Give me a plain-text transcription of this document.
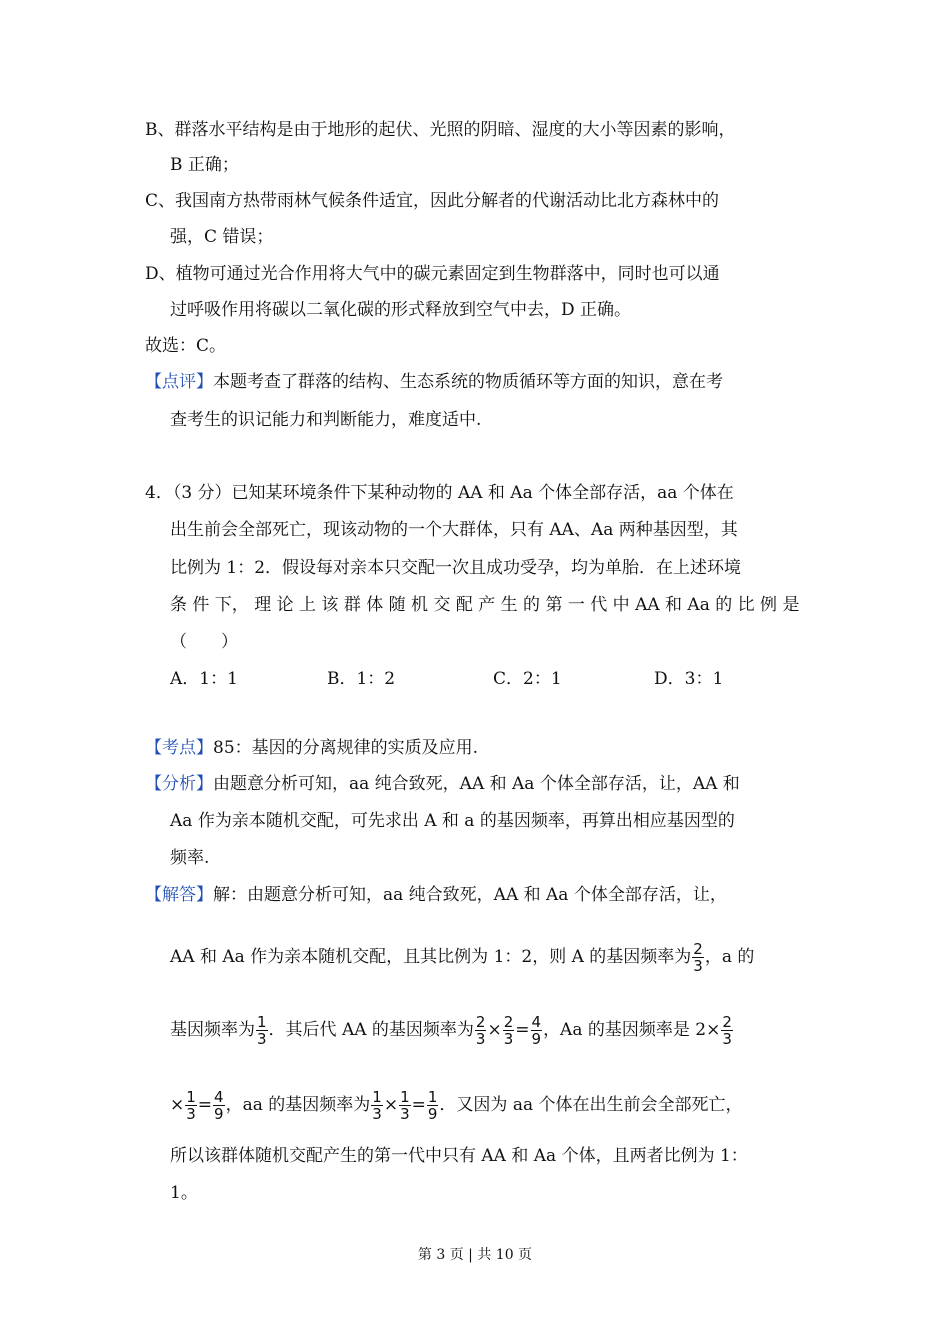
B、群落水平结构是由于地形的起伏、光照的阴暗、湿度的大小等因素的影响，
B 正确；
C、我国南方热带雨林气候条件适宜，因此分解者的代谢活动比北方森林中的
强，C 错误；
D、植物可通过光合作用将大气中的碳元素固定到生物群落中，同时也可以通
过呼吸作用将碳以二氧化碳的形式释放到空气中去，D 正确。
故选：C。
【点评】本题考查了群落的结构、生态系统的物质循环等方面的知识，意在考
查考生的识记能力和判断能力，难度适中.
4．（3 分）已知某环境条件下某种动物的 AA 和 Aa 个体全部存活，aa 个体在
出生前会全部死亡，现该动物的一个大群体，只有 AA、Aa 两种基因型，其
比例为 1：2．假设每对亲本只交配一次且成功受孕，均为单胎．在上述环境
条 件 下， 理 论 上 该 群 体 随 机 交 配 产 生 的 第 一 代 中 AA 和 Aa 的 比 例 是
（　　）
A．1：1	B．1：2	C．2：1	D．3：1
【考点】85：基因的分离规律的实质及应用.
【分析】由题意分析可知，aa 纯合致死，AA 和 Aa 个体全部存活，让，AA 和
Aa 作为亲本随机交配，可先求出 A 和 a 的基因频率，再算出相应基因型的
频率.
【解答】解：由题意分析可知，aa 纯合致死，AA 和 Aa 个体全部存活，让，
AA 和 Aa 作为亲本随机交配，且其比例为 1：2，则 A 的基因频率为 $\frac{2}{3}$ ，a 的
基因频率为 $\frac{1}{3}$ ．其后代 AA 的基因频率为 $\frac{2}{3} \times \frac{2}{3} = \frac{4}{9}$ ，Aa 的基因频率是 $2\times \frac{2}{3}$
× $\frac{1}{3} = \frac{4}{9}$ ，aa 的基因频率为 $\frac{1}{3} \times \frac{1}{3} = \frac{1}{9}$ ．又因为 aa 个体在出生前会全部死亡，
所以该群体随机交配产生的第一代中只有 AA 和 Aa 个体，且两者比例为 1：
1。
第 3 页 | 共 10 页
